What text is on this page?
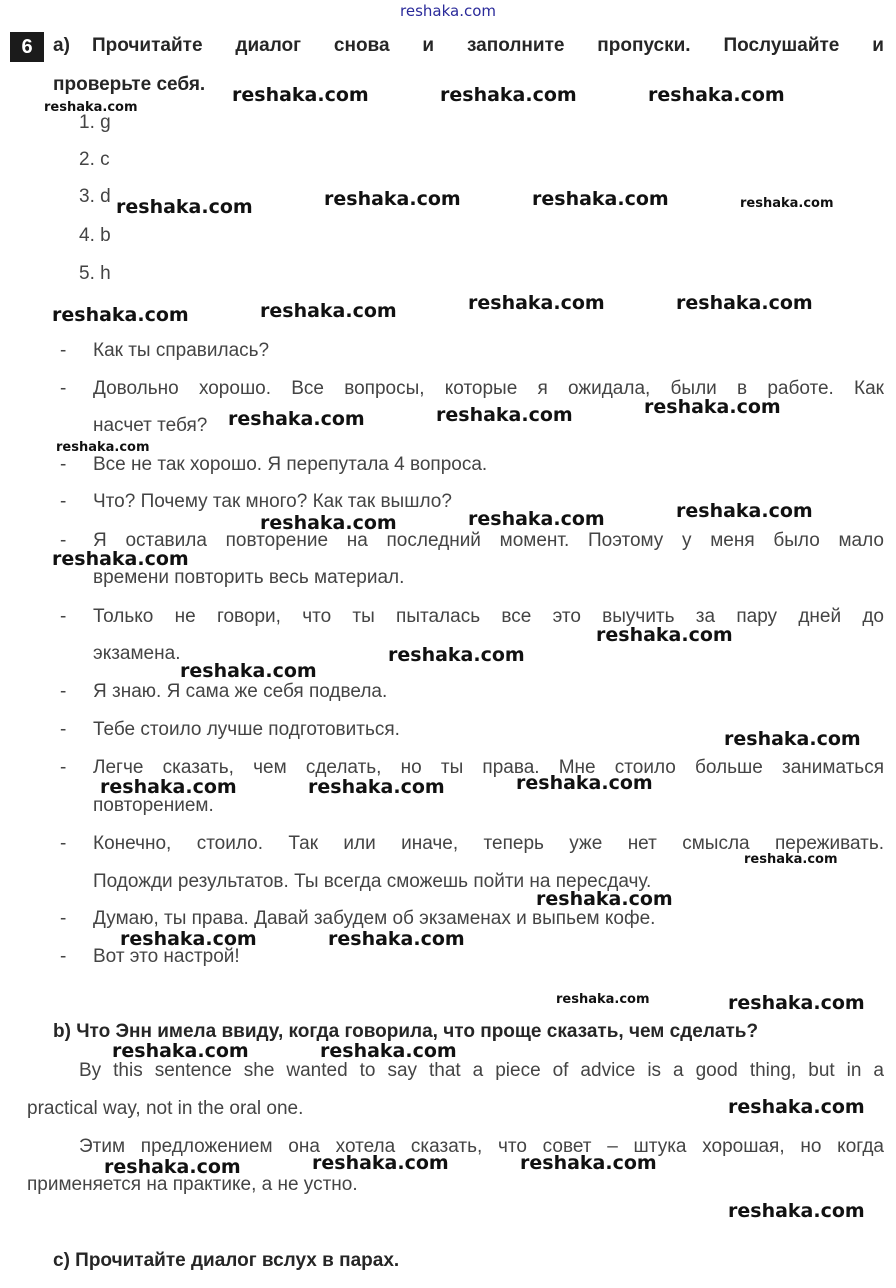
reshaka.com
6	a) Прочитайте диалог снова и заполните пропуски. Послушайте и
проверьте себя.
1. g
2. c
3. d
4. b
5. h
- Как ты справилась?
- Довольно хорошо. Все вопросы, которые я ожидала, были в работе. Как
насчет тебя?
- Все не так хорошо. Я перепутала 4 вопроса.
- Что? Почему так много? Как так вышло?
- Я оставила повторение на последний момент. Поэтому у меня было мало
времени повторить весь материал.
- Только не говори, что ты пыталась все это выучить за пару дней до
экзамена.
- Я знаю. Я сама же себя подвела.
- Тебе стоило лучше подготовиться.
- Легче сказать, чем сделать, но ты права. Мне стоило больше заниматься
повторением.
- Конечно, стоило. Так или иначе, теперь уже нет смысла переживать.
Подожди результатов. Ты всегда сможешь пойти на пересдачу.
- Думаю, ты права. Давай забудем об экзаменах и выпьем кофе.
- Вот это настрой!
b) Что Энн имела ввиду, когда говорила, что проще сказать, чем сделать?
By this sentence she wanted to say that a piece of advice is a good thing, but in a
practical way, not in the oral one.
Этим предложением она хотела сказать, что совет – штука хорошая, но когда
применяется на практике, а не устно.
c) Прочитайте диалог вслух в парах.
reshaka.com
reshaka.com	reshaka.com	reshaka.com
reshaka.com	reshaka.com	reshaka.com	reshaka.com
reshaka.com	reshaka.com	reshaka.com	reshaka.com
reshaka.com	reshaka.com	reshaka.com
reshaka.com
reshaka.com	reshaka.com	reshaka.com
reshaka.com
reshaka.com
reshaka.com
reshaka.com
reshaka.com
reshaka.com
reshaka.com
reshaka.com
reshaka.com
reshaka.com
reshaka.com
reshaka.com
reshaka.com	reshaka.com
reshaka.com
reshaka.com
reshaka.com
reshaka.com	reshaka.com	reshaka.com
reshaka.com
